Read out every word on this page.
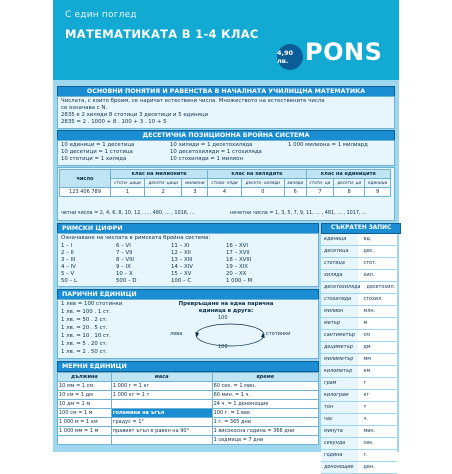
С един поглед
МАТЕМАТИКАТА В 1-4 КЛАС
4,90 лв. PONS
ОСНОВНИ ПОНЯТИЯ И РАВЕНСТВА В НАЧАЛНАТА УЧИЛИЩНА МАТЕМАТИКА
Числата, с които броим, се наричат естествени числа. Множеството на естествените числа
се означава с N.
2835 е 2 хиляди 8 стотици 3 десетици и 5 единици
2835 = 2 . 1000 + 8 . 100 + 3 . 10 + 5
ДЕСЕТИЧНА ПОЗИЦИОННА БРОЙНА СИСТЕМА
10 единици = 1 десетица
10 десетици = 1 стотица
10 стотици = 1 хиляда
10 хиляди = 1 десетохиляда
10 десетохиляди = 1 стохиляда
10 стохиляди = 1 милион
1 000 милиона = 1 милиард
число	клас на милионите			клас на хилядите			клас на единиците		
	стоти- цици	десети- цици	милиони	стохи- ляди	десето- хиляди	хиляди	стоти- ци	десети- ци	единици
123 406 789	1	2	3	4	0	6	7	8	9
четни числа = 2, 4, 6, 8, 10, 12, ... , 480, ... , 1016, ...	нечетни числа = 1, 3, 5, 7, 9, 11, ... , 481, ... , 1017, ...
РИМСКИ ЦИФРИ
Означаване на числата в римската бройна система:
1 – I
2 – II
3 – III
4 – IV
5 – V
50 – L
6 – VI
7 – VII
8 – VIII
9 – IX
10 – X
500 – D
11 – XI
12 – XII
13 – XIII
14 – XIV
15 – XV
100 – C
16 – XVI
17 – XVII
18 – XVIII
19 – XIX
20 – XX
1 000 – M
ПАРИЧНИ ЕДИНИЦИ
1 лев = 100 стотинки
1 лв. = 100 . 1 ст.
1 лв. = 50 . 2 ст.
1 лв. = 20 . 5 ст.
1 лв. = 10 . 10 ст.
1 лв. = 5 . 20 ст.
1 лв. = 2 . 50 ст.
Превръщане на една парична единица в друга:
100
100
лева	стотинки
МЕРНИ ЕДИНИЦИ
дължина	маса	време
10 мм = 1 см	1 000 г = 1 кг	60 сек. = 1 мин.
10 см = 1 дм	1 000 кг = 1 т	60 мин. = 1 ч.
10 дм = 1 м		24 ч. = 1 денонощие
100 см = 1 м	големина на ъгъл	100 г. = 1 век
1 000 м = 1 км	градус = 1°	1 г. = 365 дни
1 000 мм = 1 м	правият ъгъл е равен на 90°	1 високосна година = 366 дни
		1 седмица = 7 дни
СЪКРАТЕН ЗАПИС
единица	ед.
десетица	дес.
стотица	стот.
хиляда	хил.
десетохиляда	десетохил.
стохиляда	стохил.
милион	млн.
метър	м
сантиметър	см
дециметър	дм
милиметър	мм
километър	км
грам	г
килограм	кг
тон	т
час	ч.
минута	мин.
секунда	сек.
година	г.
денонощие	ден.
